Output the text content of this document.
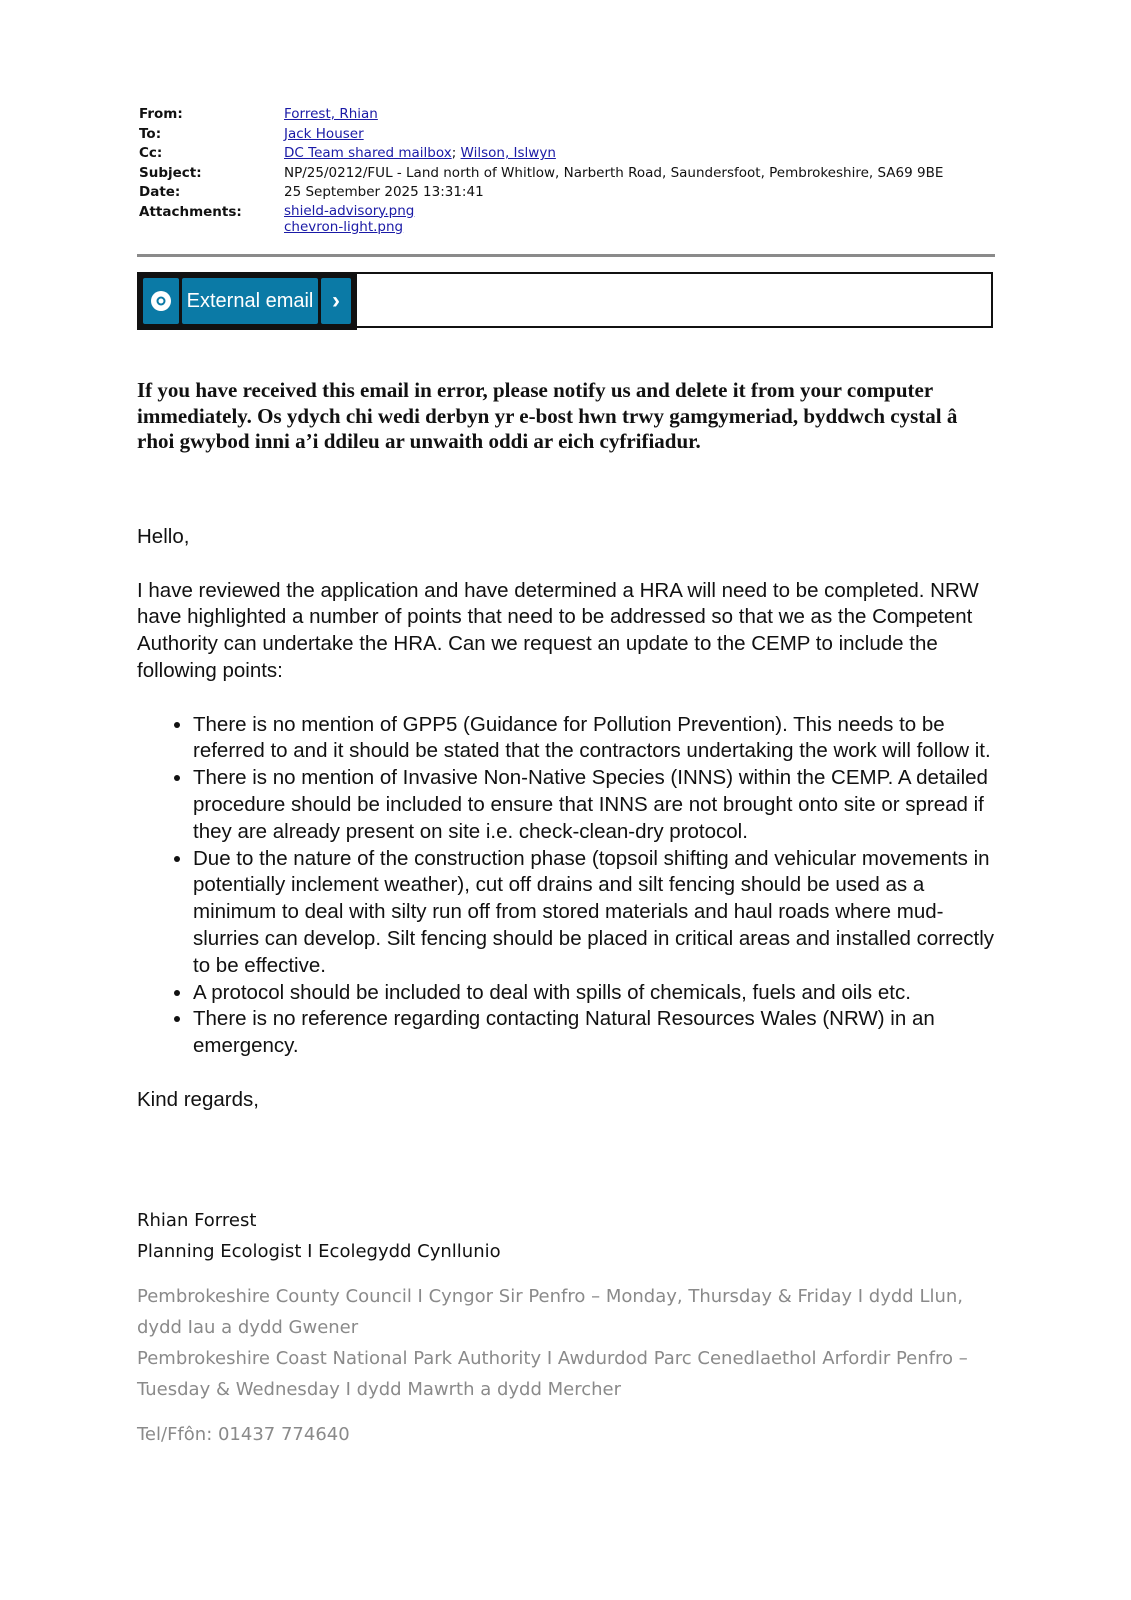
From:	Forrest, Rhian
To:	Jack Houser
Cc:	DC Team shared mailbox; Wilson, Islwyn
Subject:	NP/25/0212/FUL - Land north of Whitlow, Narberth Road, Saundersfoot, Pembrokeshire, SA69 9BE
Date:	25 September 2025 13:31:41
Attachments:	shield-advisory.png
chevron-light.png
External email ›
If you have received this email in error, please notify us and delete it from your computer immediately. Os ydych chi wedi derbyn yr e-bost hwn trwy gamgymeriad, byddwch cystal â rhoi gwybod inni a’i ddileu ar unwaith oddi ar eich cyfrifiadur.

Hello,

I have reviewed the application and have determined a HRA will need to be completed. NRW have highlighted a number of points that need to be addressed so that we as the Competent Authority can undertake the HRA. Can we request an update to the CEMP to include the following points:

• There is no mention of GPP5 (Guidance for Pollution Prevention). This needs to be referred to and it should be stated that the contractors undertaking the work will follow it.
• There is no mention of Invasive Non-Native Species (INNS) within the CEMP. A detailed procedure should be included to ensure that INNS are not brought onto site or spread if they are already present on site i.e. check-clean-dry protocol.
• Due to the nature of the construction phase (topsoil shifting and vehicular movements in potentially inclement weather), cut off drains and silt fencing should be used as a minimum to deal with silty run off from stored materials and haul roads where mud-slurries can develop. Silt fencing should be placed in critical areas and installed correctly to be effective.
• A protocol should be included to deal with spills of chemicals, fuels and oils etc.
• There is no reference regarding contacting Natural Resources Wales (NRW) in an emergency.

Kind regards,

Rhian Forrest
Planning Ecologist I Ecolegydd Cynllunio
Pembrokeshire County Council I Cyngor Sir Penfro – Monday, Thursday & Friday I dydd Llun, dydd Iau a dydd Gwener
Pembrokeshire Coast National Park Authority I Awdurdod Parc Cenedlaethol Arfordir Penfro – Tuesday & Wednesday I dydd Mawrth a dydd Mercher
Tel/Ffôn: 01437 774640
